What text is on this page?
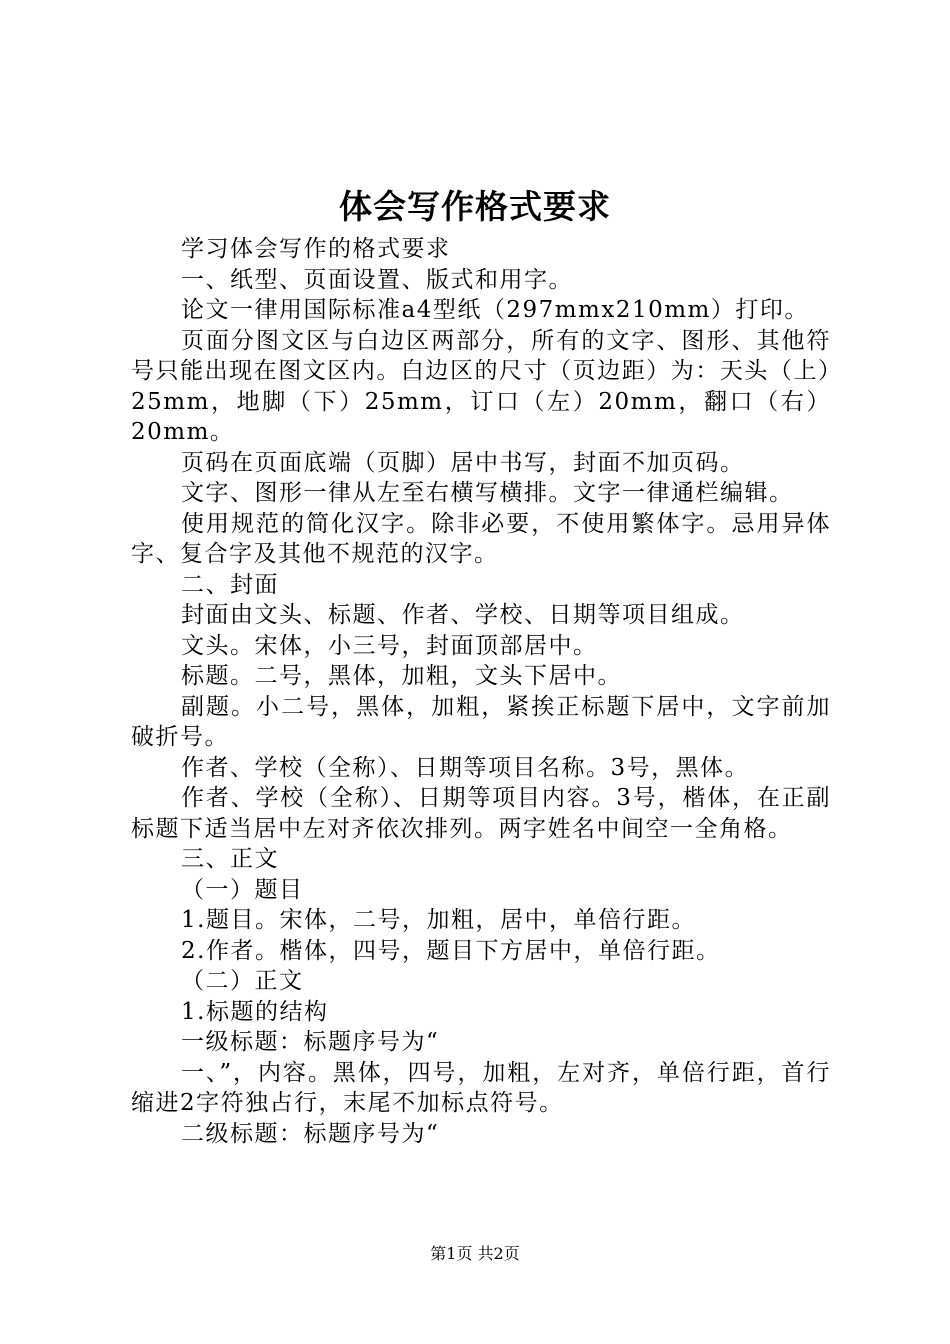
体会写作格式要求

学习体会写作的格式要求

一、纸型、页面设置、版式和用字。

论文一律用国际标准a4型纸（297mmx210mm）打印。

页面分图文区与白边区两部分，所有的文字、图形、其他符号只能出现在图文区内。白边区的尺寸（页边距）为：天头（上）25mm，地脚（下）25mm，订口（左）20mm，翻口（右）20mm。

页码在页面底端（页脚）居中书写，封面不加页码。

文字、图形一律从左至右横写横排。文字一律通栏编辑。

使用规范的简化汉字。除非必要，不使用繁体字。忌用异体字、复合字及其他不规范的汉字。

二、封面

封面由文头、标题、作者、学校、日期等项目组成。

文头。宋体，小三号，封面顶部居中。

标题。二号，黑体，加粗，文头下居中。

副题。小二号，黑体，加粗，紧挨正标题下居中，文字前加破折号。

作者、学校（全称）、日期等项目名称。3号，黑体。

作者、学校（全称）、日期等项目内容。3号，楷体，在正副标题下适当居中左对齐依次排列。两字姓名中间空一全角格。

三、正文

（一）题目

1.题目。宋体，二号，加粗，居中，单倍行距。

2.作者。楷体，四号，题目下方居中，单倍行距。

（二）正文

1.标题的结构

一级标题：标题序号为“

一、”，内容。黑体，四号，加粗，左对齐，单倍行距，首行缩进2字符独占行，末尾不加标点符号。

二级标题：标题序号为“

第1页 共2页
